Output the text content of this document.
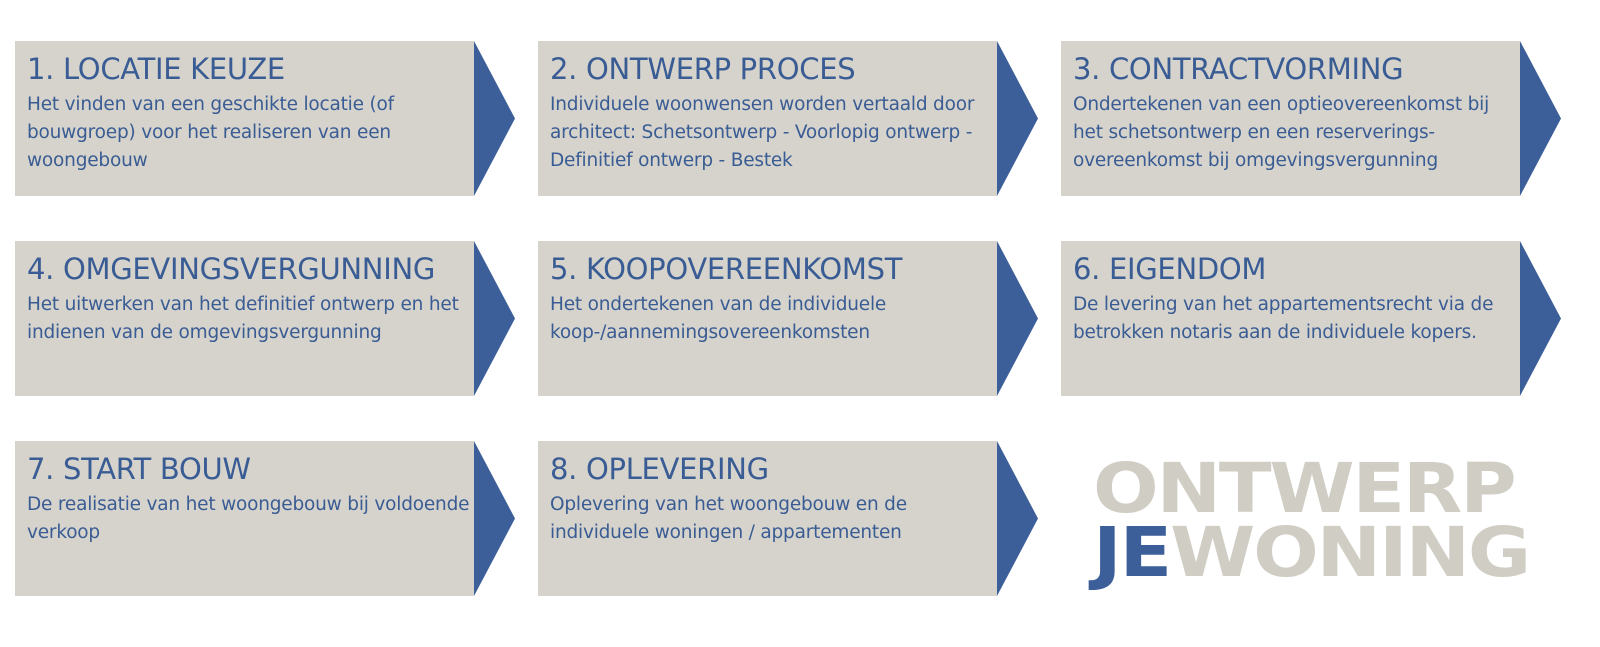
1. LOCATIE KEUZE
Het vinden van een geschikte locatie (of bouwgroep) voor het realiseren van een woongebouw
2. ONTWERP PROCES
Individuele woonwensen worden vertaald door architect: Schetsontwerp - Voorlopig ontwerp - Definitief ontwerp - Bestek
3. CONTRACTVORMING
Ondertekenen van een optieovereenkomst bij het schetsontwerp en een reserverings-overeenkomst bij omgevingsvergunning
4. OMGEVINGSVERGUNNING
Het uitwerken van het definitief ontwerp en het indienen van de omgevingsvergunning
5. KOOPOVEREENKOMST
Het ondertekenen van de individuele koop-/aannemingsovereenkomsten
6. EIGENDOM
De levering van het appartementsrecht via de betrokken notaris aan de individuele kopers.
7. START BOUW
De realisatie van het woongebouw bij voldoende verkoop
8. OPLEVERING
Oplevering van het woongebouw en de individuele woningen / appartementen
ONTWERP
JEWONING
